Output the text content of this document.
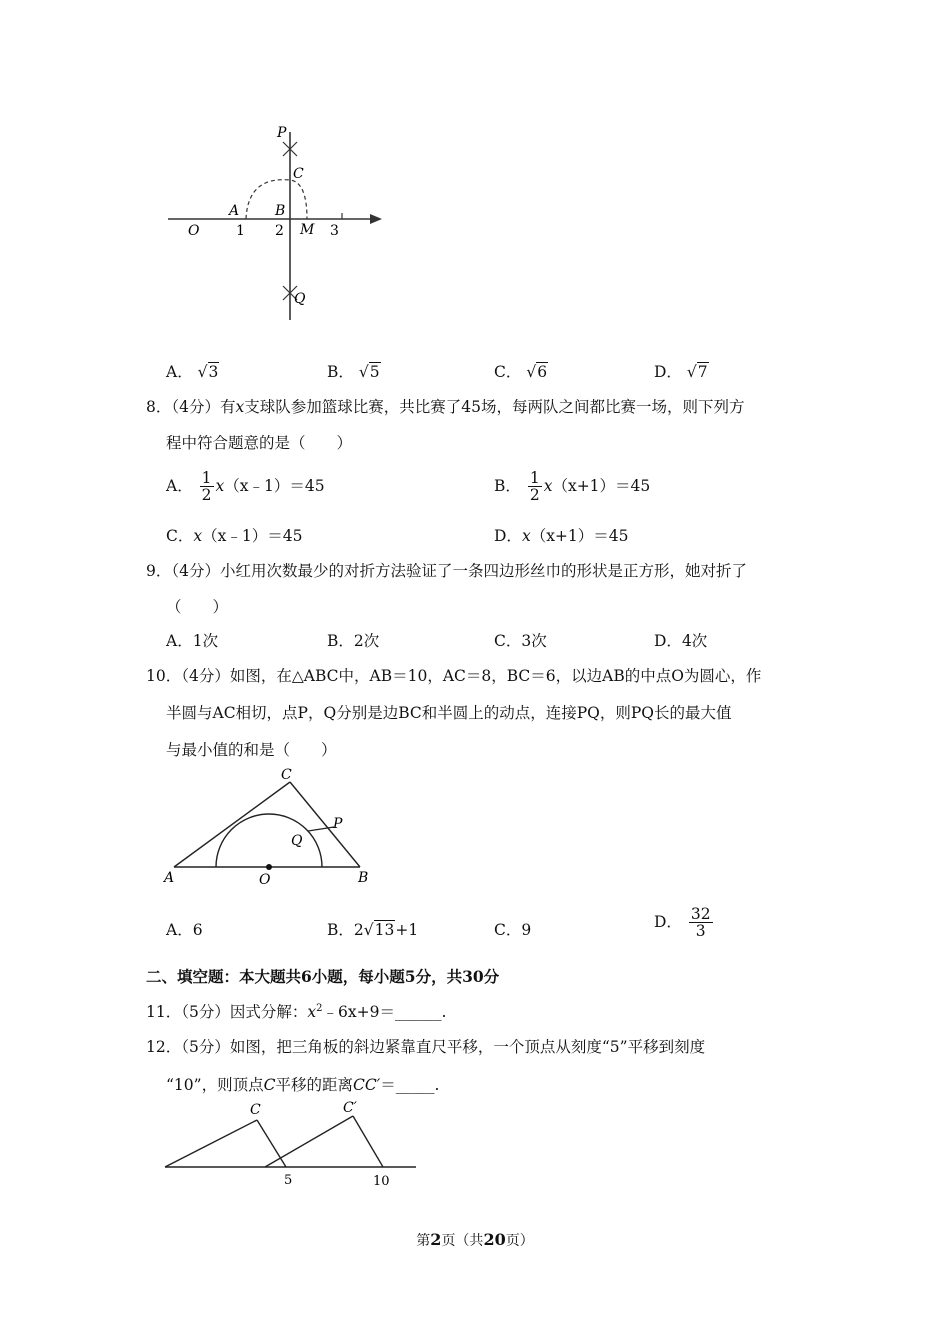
P
C
A	B
O	1 2 M 3
Q
A． √3	B． √5	C． √6	D． √7
8．（4分）有x支球队参加篮球比赛，共比赛了45场，每两队之间都比赛一场，则下列方
程中符合题意的是（　　）
A． $\frac{1}{2}$ x（x﹣1）＝45	B． $\frac{1}{2} x(x+1)=45$
C．x（x﹣1）＝45	D．x（x+1）＝45
9．（4分）小红用次数最少的对折方法验证了一条四边形丝巾的形状是正方形，她对折了
（　　）
A．1次	B．2次	C．3次	D．4次
10．（4分）如图，在△ABC中，AB＝10，AC＝8，BC＝6，以边AB的中点O为圆心，作
半圆与AC相切，点P，Q分别是边BC和半圆上的动点，连接PQ，则PQ长的最大值
与最小值的和是（　　）
C
P
Q
A	O	B
A．6	B．2√13+1	C．9	D． $\frac{32}{3}$
二、填空题：本大题共6小题，每小题5分，共30分
11．（5分）因式分解：$x^2﹣6x+9=\_\_\_\_\_\_$.
12．（5分）如图，把三角板的斜边紧靠直尺平移，一个顶点从刻度“5”平移到刻度
“10”，则顶点C平移的距离CC′＝_____.
C	C′
5	10
第2页（共20页）
